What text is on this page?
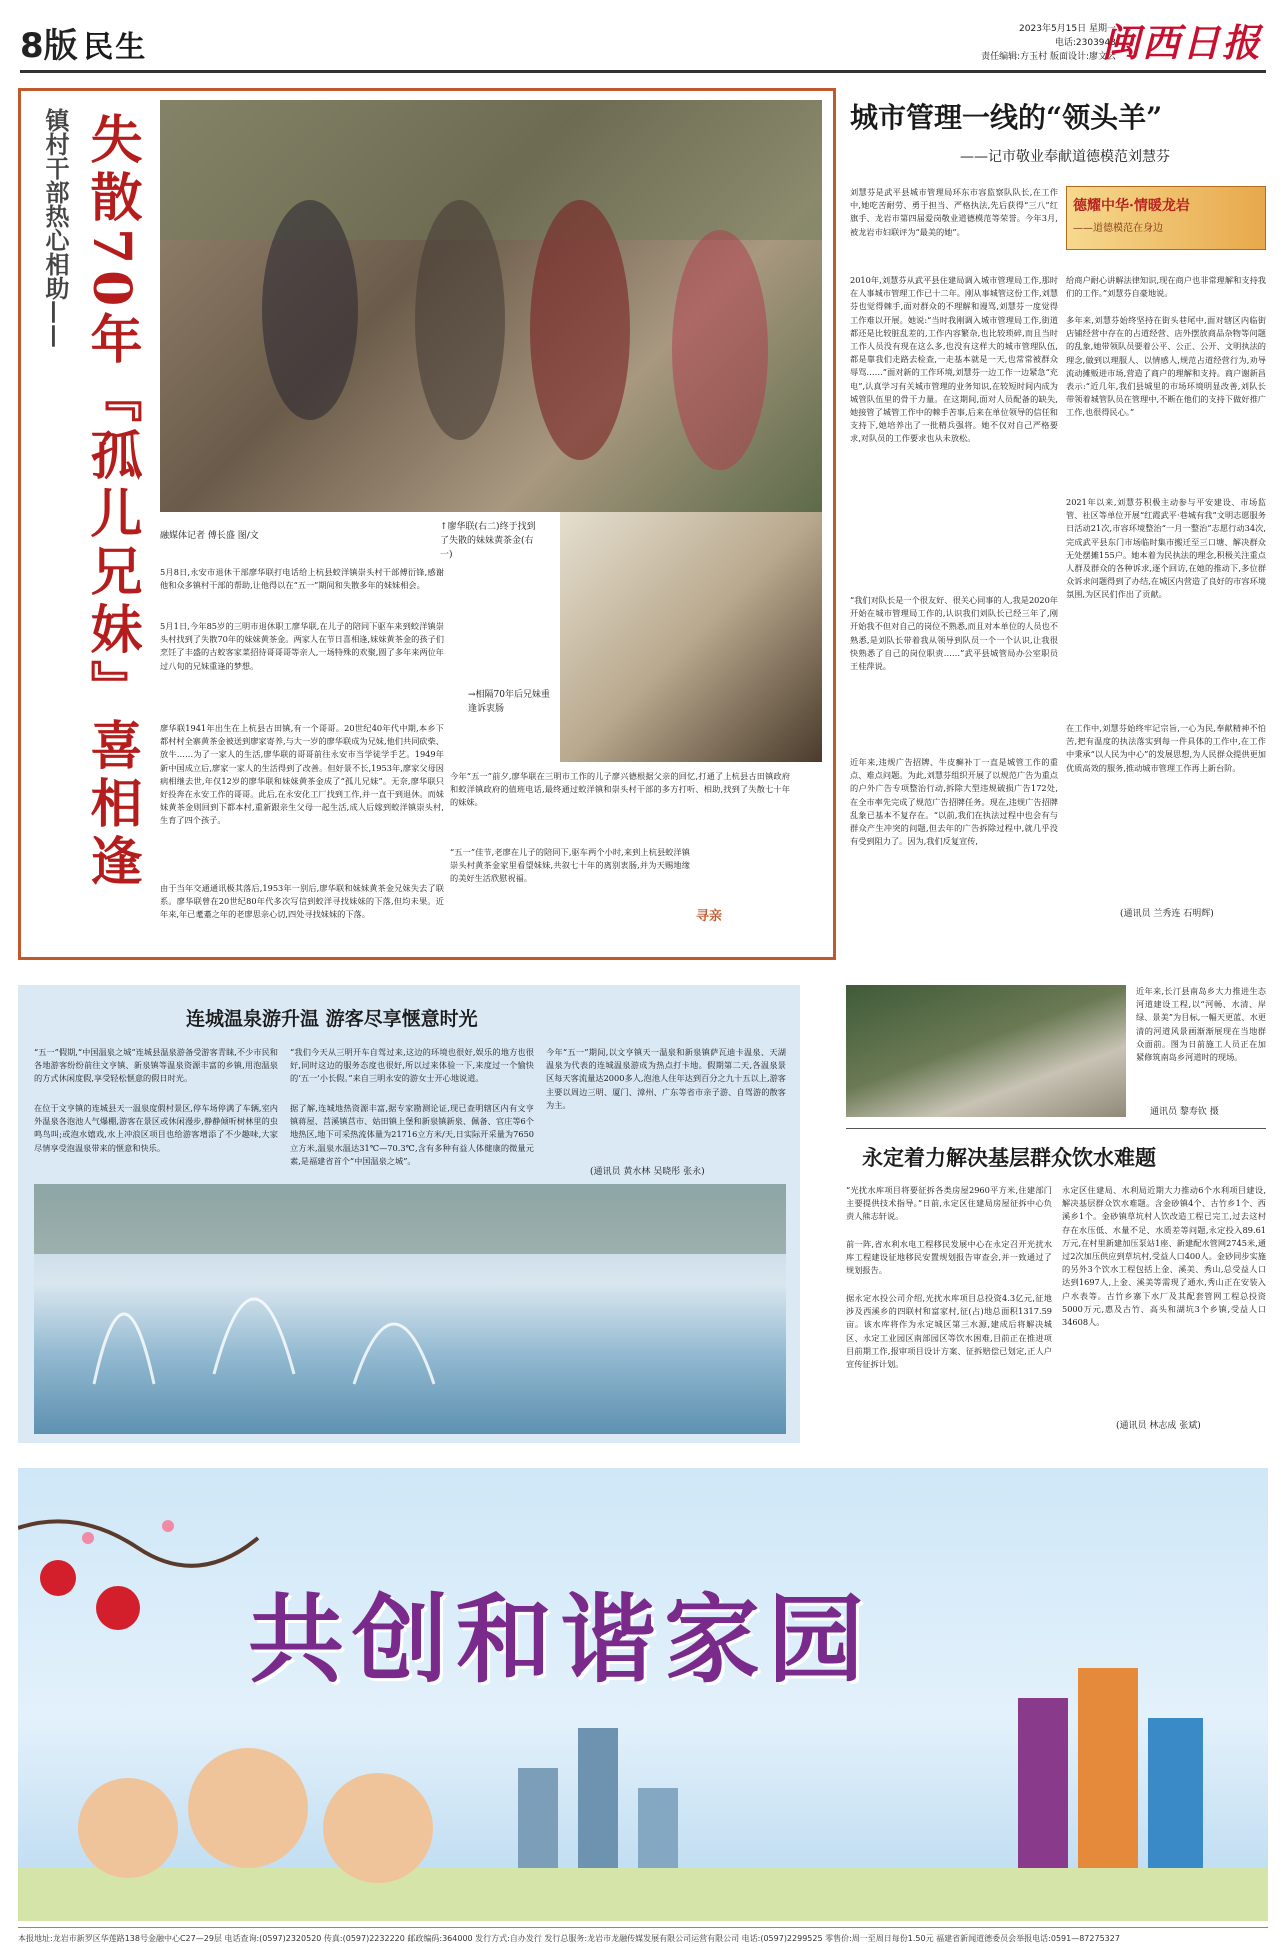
8版 民生
2023年5月15日 星期一
电话:2303943
责任编辑:方玉村 版面设计:廖文云
闽西日报
镇村干部热心相助—— 失散70年『孤儿兄妹』喜相逢	融媒体记者 傅长盛 图/文
↑廖华联(右二)终于找到了失散的妹妹黄茶金(右一)
→相隔70年后兄妹重逢诉衷肠
5月8日,永安市退休干部廖华联打电话给上杭县蛟洋镇崇头村干部傅衍锋,感谢他和众多镇村干部的帮助,让他得以在“五一”期间和失散多年的妹妹相会。
5月1日,今年85岁的三明市退休职工廖华联,在儿子的陪同下驱车来到蛟洋镇崇头村找到了失散70年的妹妹黄茶金。两家人在节日喜相逢,妹妹黄茶金的孩子们烹饪了丰盛的古蛟客家菜招待哥哥哥等亲人,一场特殊的欢聚,圆了多年来两位年过八旬的兄妹重逢的梦想。
廖华联1941年出生在上杭县古田镇,有一个哥哥。20世纪40年代中期,本乡下都村村全寨黄茶金被送到廖家寄养,与大一岁的廖华联成为兄妹,他们共同砍柴、放牛……为了一家人的生活,廖华联的哥哥前往永安市当学徒学手艺。1949年新中国成立后,廖家一家人的生活得到了改善。但好景不长,1953年,廖家父母因病相继去世,年仅12岁的廖华联和妹妹黄茶金成了“孤儿兄妹”。无奈,廖华联只好投奔在永安工作的哥哥。此后,在永安化工厂找到工作,并一直干到退休。而妹妹黄茶金则回到下都本村,重新跟亲生父母一起生活,成人后嫁到蛟洋镇崇头村,生育了四个孩子。
由于当年交通通讯极其落后,1953年一别后,廖华联和妹妹黄茶金兄妹失去了联系。廖华联曾在20世纪80年代多次写信到蛟洋寻找妹妹的下落,但均未果。近年来,年已耄耋之年的老廖思亲心切,四处寻找妹妹的下落。
今年“五一”前夕,廖华联在三明市工作的儿子廖兴德根据父亲的回忆,打通了上杭县古田镇政府和蛟洋镇政府的值班电话,最终通过蛟洋镇和崇头村干部的多方打听、相助,找到了失散七十年的妹妹。
“五一”佳节,老廖在儿子的陪同下,驱车两个小时,来到上杭县蛟洋镇崇头村黄茶金家里看望妹妹,共叙七十年的离别衷肠,并为天赐地缘的美好生活欣慰祝福。
寻亲
城市管理一线的“领头羊”
——记市敬业奉献道德模范刘慧芬
德耀中华·情暖龙岩
——道德模范在身边
刘慧芬是武平县城市管理局环东市容监察队队长,在工作中,她吃苦耐劳、勇于担当、严格执法,先后获得“三八”红旗手、龙岩市第四届爱岗敬业道德模范等荣誉。今年3月,被龙岩市妇联评为“最美的她”。
2010年,刘慧芬从武平县住建局调入城市管理局工作,那时在人事城市管理工作已十二年。刚从事城管这份工作,刘慧芬也觉得棘手,面对群众的不理解和谩骂,刘慧芬一度觉得工作难以开展。她说:“当时我刚调入城市管理局工作,街道都还是比较脏乱差的,工作内容繁杂,也比较琐碎,而且当时工作人员没有现在这么多,也没有这样大的城市管理队伍,都是靠我们走路去检查,一走基本就是一天,也常常被群众辱骂……”面对新的工作环境,刘慧芬一边工作一边紧急“充电”,认真学习有关城市管理的业务知识,在较短时间内成为城管队伍里的骨干力量。在这期间,面对人员配备的缺失,她接管了城管工作中的棘手苦事,后来在单位领导的信任和支持下,她培养出了一批精兵强将。她不仅对自己严格要求,对队员的工作要求也从未放松。
“我们对队长是一个很友好、很关心同事的人,我是2020年开始在城市管理局工作的,认识我们刘队长已经三年了,刚开始我不但对自己的岗位不熟悉,而且对本单位的人员也不熟悉,是刘队长带着我从领导到队员一个一个认识,让我很快熟悉了自己的岗位职责……”武平县城管局办公室职员王桂萍说。
近年来,违规广告招牌、牛皮癣补丁一直是城管工作的重点、难点问题。为此,刘慧芬组织开展了以规范广告为重点的户外广告专项整治行动,拆除大型违规破损广告172处,在全市率先完成了规范广告招牌任务。现在,违规广告招牌乱象已基本不复存在。“以前,我们在执法过程中也会有与群众产生冲突的问题,但去年的广告拆除过程中,就几乎没有受到阻力了。因为,我们反复宣传,
给商户耐心讲解法律知识,现在商户也非常理解和支持我们的工作。”刘慧芬自豪地说。
多年来,刘慧芬始终坚持在街头巷尾中,面对辖区内临街店铺经营中存在的占道经营、店外摆放商品杂物等问题的乱象,她带领队员要着公平、公正、公开、文明执法的理念,做到以理服人、以情感人,规范占道经营行为,劝导流动摊贩进市场,营造了商户的理解和支持。商户谢新昌表示:“近几年,我们县城里的市场环境明显改善,刘队长带领着城管队员在管理中,不断在他们的支持下做好推广工作,也很得民心。”
2021年以来,刘慧芬积极主动参与平安建设、市场监管、社区等单位开展“红霞武平·巷城有我”文明志愿服务日活动21次,市容环境整治“一月一整治”志愿行动34次,完成武平县东门市场临时集市搬迁至三口塘、解决群众无处摆摊155户。她本着为民执法的理念,积极关注重点人群及群众的各种诉求,逐个回访,在她的推动下,多位群众诉求问题得到了办结,在城区内营造了良好的市容环境氛围,为区民们作出了贡献。
在工作中,刘慧芬始终牢记宗旨,一心为民,奉献精神不怕苦,把有温度的执法落实到每一件具体的工作中,在工作中秉承“以人民为中心”的发展思想,为人民群众提供更加优质高效的服务,推动城市管理工作再上新台阶。
(通讯员 兰秀连 石明辉)
近年来,长汀县南岛乡大力推进生态河道建设工程,以“河畅、水清、岸绿、景美”为目标,一幅天更蓝、水更清的河道风景画渐渐展现在当地群众面前。图为日前施工人员正在加紧修筑南岛乡河道时的现场。
通讯员 黎寿钦 摄
连城温泉游升温 游客尽享惬意时光
“五一”假期,“中国温泉之城”连城县温泉游备受游客青睐,不少市民和各地游客纷纷前往文亨镇、新泉镇等温泉资源丰富的乡镇,用泡温泉的方式休闲度假,享受轻松惬意的假日时光。
在位于文亨镇的连城县天一温泉度假村景区,停车场停满了车辆,室内外温泉各泡池人气爆棚,游客在景区或休闲漫步,静静倾听树林里的虫鸣鸟叫;或泡水嬉戏,水上冲浪区项目也给游客增添了不少趣味,大家尽情享受泡温泉带来的惬意和快乐。
“我们今天从三明开车自驾过来,这边的环境也很好,娱乐的地方也很好,同时这边的服务态度也很好,所以过来体验一下,来度过一个愉快的‘五一’小长假。”来自三明永安的游女士开心地说道。
据了解,连城地热资源丰富,据专家勘测论证,现已查明辖区内有文亨镇蒋屋、莒溪镇莒市、姑田镇上堡和新泉镇新泉、佩备、官庄等6个地热区,地下可采热流体量为21716立方米/天,日实际开采量为7650立方米,温泉水温达31℃—70.3℃,含有多种有益人体健康的微量元素,是福建省首个“中国温泉之城”。
今年“五一”期间,以文亨镇天一温泉和新泉镇萨瓦迪卡温泉、天湖温泉为代表的连城温泉游成为热点打卡地。假期第二天,各温泉景区每天客流量达2000多人,泡池人住年达到百分之九十五以上,游客主要以周边三明、厦门、漳州、广东等省市亲子游、自驾游的散客为主。
(通讯员 黄水林 吴晓彤 张永)
永定着力解决基层群众饮水难题
“光扰水库项目将要征拆各类房屋2960平方米,住建部门主要提供技术指导。”日前,永定区住建局房屋征拆中心负责人熊志轩说。
前一阵,省水利水电工程移民发展中心在永定召开光扰水库工程建设征地移民安置规划报告审查会,并一致通过了规划报告。
据永定水投公司介绍,光扰水库项目总投资4.3亿元,征地涉及西溪乡的四联村和富家村,征(占)地总面积1317.59亩。该水库将作为永定城区第三水源,建成后将解决城区、永定工业园区南部园区等饮水困难,目前正在推进项目前期工作,报审项目设计方案、征拆赔偿已划定,正人户宣传征拆计划。
永定区住建局、水利局近期大力推动6个水利项目建设,解决基层群众饮水难题。含金砂镇4个、古竹乡1个、西溪乡1个。金砂镇草坑村人饮改造工程已完工,过去这村存在水压低、水量不足、水质差等问题,永定投入89.61万元,在村里新建加压泵站1座、新建配水管网2745米,通过2次加压供应到草坑村,受益人口400人。金砂同步实施的另外3个饮水工程包括上金、溪美、秀山,总受益人口达到1697人,上金、溪美等需现了通水,秀山正在安装入户水表等。古竹乡寨下水厂及其配套管网工程总投资5000万元,惠及古竹、高头和湖坑3个乡镇,受益人口34608人。
(通讯员 林志成 张斌)
共创和谐家园
本报地址:龙岩市新罗区华莲路138号金融中心C27—29层 电话查询:(0597)2320520 传真:(0597)2232220 邮政编码:364000 发行方式:自办发行 发行总服务:龙岩市龙融传媒发展有限公司运营有限公司 电话:(0597)2299525 零售价:周一至周日每份1.50元 福建省新闻道德委员会举报电话:0591—87275327
